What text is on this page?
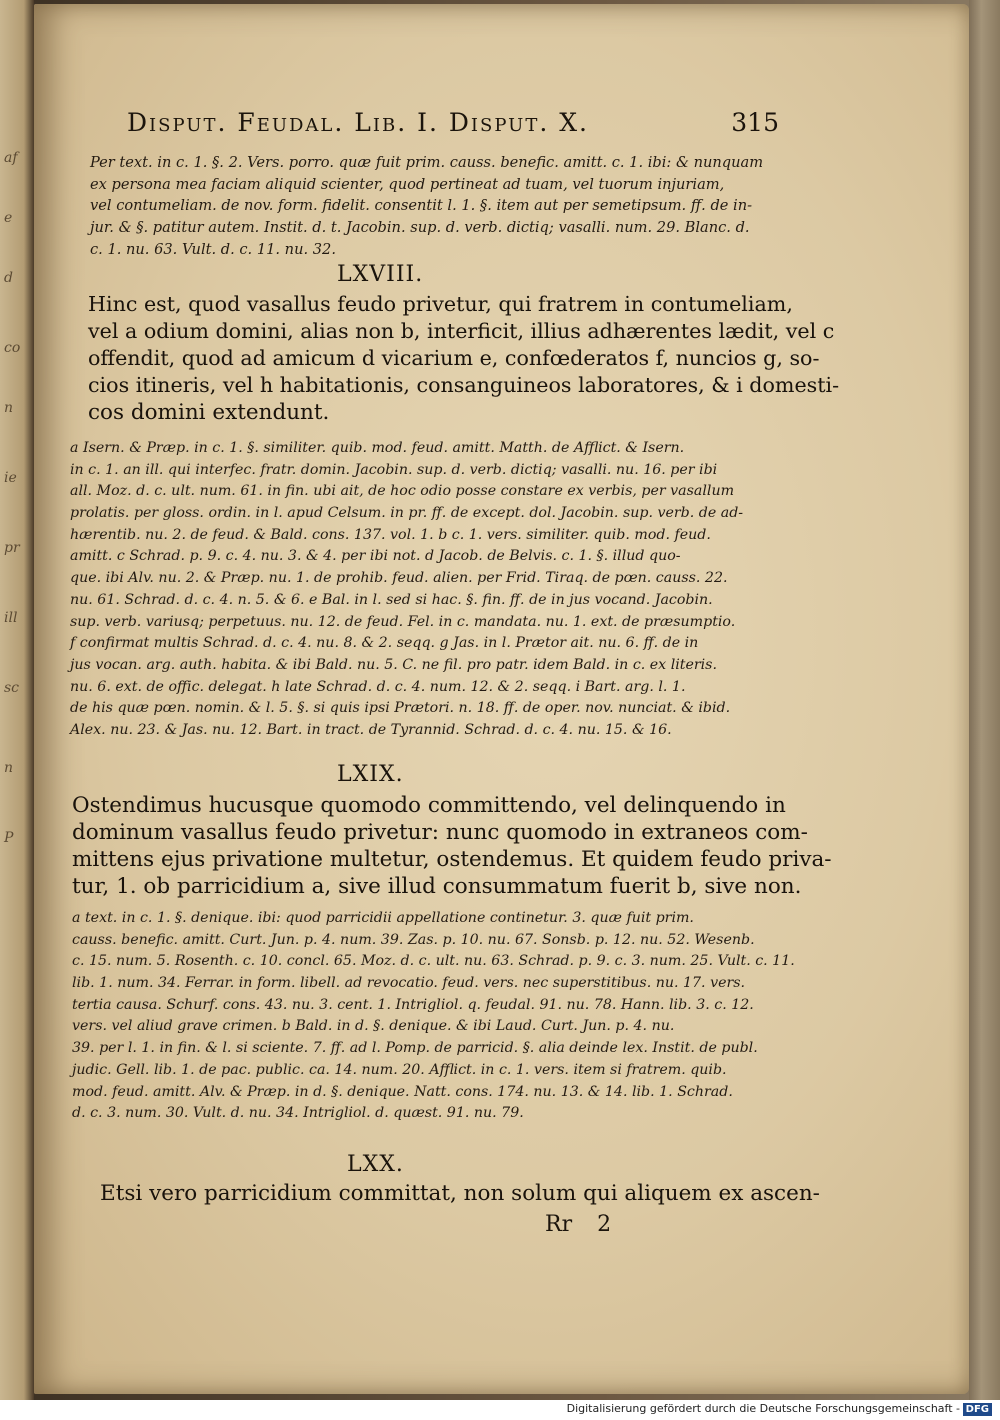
af
e
d
co
n
ie
pr
ill
sc
n
P
Disput. Feudal. Lib. I. Disput. X.	315
Per text. in c. 1. §. 2. Vers. porro. quæ fuit prim. causs. benefic. amitt. c. 1. ibi: & nunquam
ex persona mea faciam aliquid scienter, quod pertineat ad tuam, vel tuorum injuriam,
vel contumeliam. de nov. form. fidelit. consentit l. 1. §. item aut per semetipsum. ff. de in-
jur. & §. patitur autem. Instit. d. t. Jacobin. sup. d. verb. dictiq; vasalli. num. 29. Blanc. d.
c. 1. nu. 63. Vult. d. c. 11. nu. 32.
LXVIII.
Hinc est, quod vasallus feudo privetur, qui fratrem in contumeliam,
vel a odium domini, alias non b, interficit, illius adhærentes lædit, vel c
offendit, quod ad amicum d vicarium e, confœderatos f, nuncios g, so-
cios itineris, vel h habitationis, consanguineos laboratores, & i domesti-
cos domini extendunt.
a Isern. & Præp. in c. 1. §. similiter. quib. mod. feud. amitt. Matth. de Afflict. & Isern.
in c. 1. an ill. qui interfec. fratr. domin. Jacobin. sup. d. verb. dictiq; vasalli. nu. 16. per ibi
all. Moz. d. c. ult. num. 61. in fin. ubi ait, de hoc odio posse constare ex verbis, per vasallum
prolatis. per gloss. ordin. in l. apud Celsum. in pr. ff. de except. dol. Jacobin. sup. verb. de ad-
hærentib. nu. 2. de feud. & Bald. cons. 137. vol. 1. b c. 1. vers. similiter. quib. mod. feud.
amitt. c Schrad. p. 9. c. 4. nu. 3. & 4. per ibi not. d Jacob. de Belvis. c. 1. §. illud quo-
que. ibi Alv. nu. 2. & Præp. nu. 1. de prohib. feud. alien. per Frid. Tiraq. de pœn. causs. 22.
nu. 61. Schrad. d. c. 4. n. 5. & 6. e Bal. in l. sed si hac. §. fin. ff. de in jus vocand. Jacobin.
sup. verb. variusq; perpetuus. nu. 12. de feud. Fel. in c. mandata. nu. 1. ext. de præsumptio.
f confirmat multis Schrad. d. c. 4. nu. 8. & 2. seqq. g Jas. in l. Prætor ait. nu. 6. ff. de in
jus vocan. arg. auth. habita. & ibi Bald. nu. 5. C. ne fil. pro patr. idem Bald. in c. ex literis.
nu. 6. ext. de offic. delegat. h late Schrad. d. c. 4. num. 12. & 2. seqq. i Bart. arg. l. 1.
de his quæ pœn. nomin. & l. 5. §. si quis ipsi Prætori. n. 18. ff. de oper. nov. nunciat. & ibid.
Alex. nu. 23. & Jas. nu. 12. Bart. in tract. de Tyrannid. Schrad. d. c. 4. nu. 15. & 16.
LXIX.
Ostendimus hucusque quomodo committendo, vel delinquendo in
dominum vasallus feudo privetur: nunc quomodo in extraneos com-
mittens ejus privatione multetur, ostendemus. Et quidem feudo priva-
tur, 1. ob parricidium a, sive illud consummatum fuerit b, sive non.
a text. in c. 1. §. denique. ibi: quod parricidii appellatione continetur. 3. quæ fuit prim.
causs. benefic. amitt. Curt. Jun. p. 4. num. 39. Zas. p. 10. nu. 67. Sonsb. p. 12. nu. 52. Wesenb.
c. 15. num. 5. Rosenth. c. 10. concl. 65. Moz. d. c. ult. nu. 63. Schrad. p. 9. c. 3. num. 25. Vult. c. 11.
lib. 1. num. 34. Ferrar. in form. libell. ad revocatio. feud. vers. nec superstitibus. nu. 17. vers.
tertia causa. Schurf. cons. 43. nu. 3. cent. 1. Intrigliol. q. feudal. 91. nu. 78. Hann. lib. 3. c. 12.
vers. vel aliud grave crimen. b Bald. in d. §. denique. & ibi Laud. Curt. Jun. p. 4. nu.
39. per l. 1. in fin. & l. si sciente. 7. ff. ad l. Pomp. de parricid. §. alia deinde lex. Instit. de publ.
judic. Gell. lib. 1. de pac. public. ca. 14. num. 20. Afflict. in c. 1. vers. item si fratrem. quib.
mod. feud. amitt. Alv. & Præp. in d. §. denique. Natt. cons. 174. nu. 13. & 14. lib. 1. Schrad.
d. c. 3. num. 30. Vult. d. nu. 34. Intrigliol. d. quæst. 91. nu. 79.
LXX.
Etsi vero parricidium committat, non solum qui aliquem ex ascen-
Rr 2
Digitalisierung gefördert durch die Deutsche Forschungsgemeinschaft - DFG
